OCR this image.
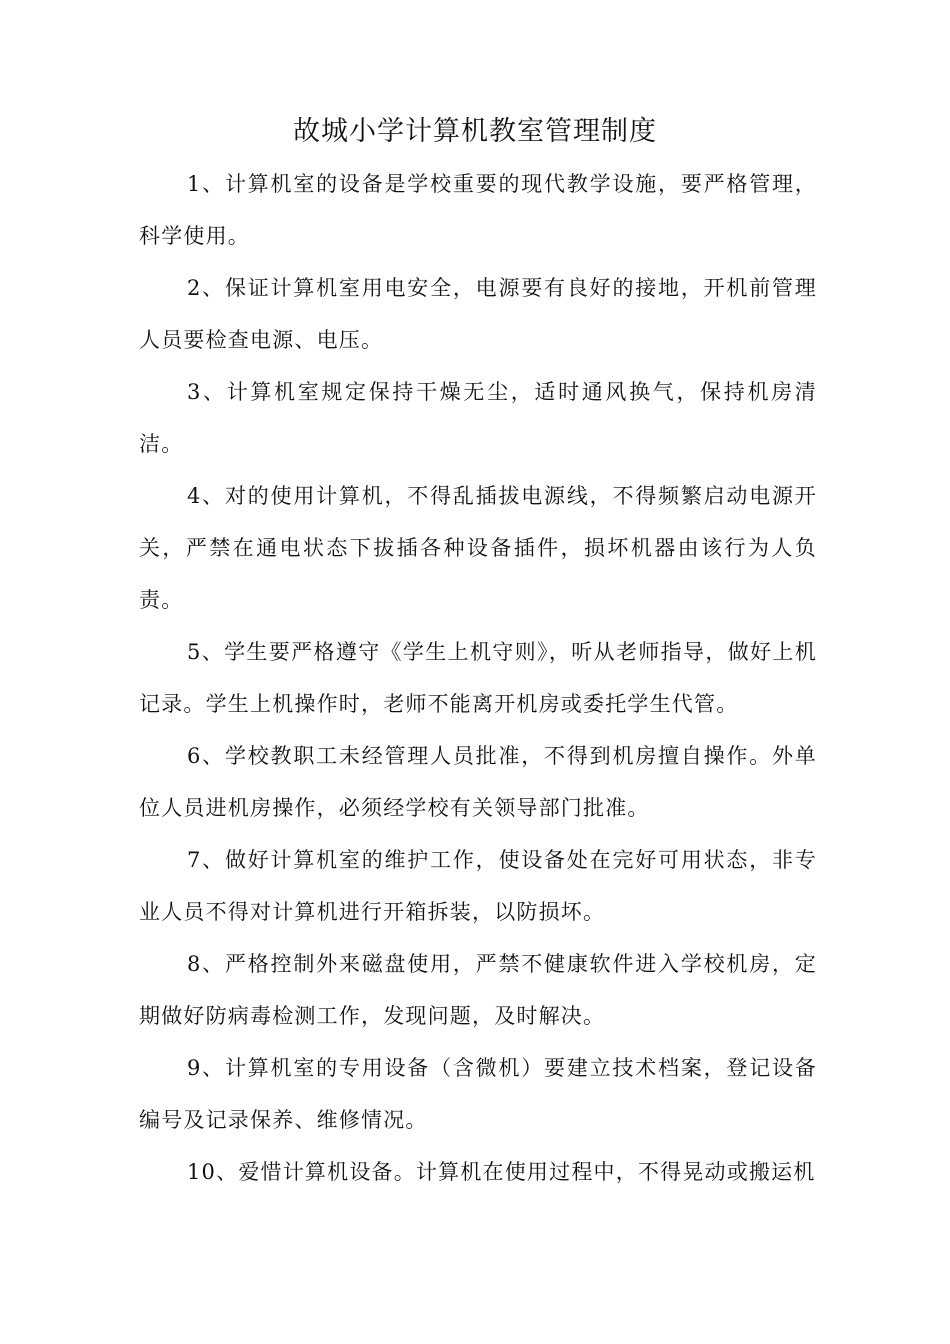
故城小学计算机教室管理制度

1、计算机室的设备是学校重要的现代教学设施，要严格管理，科学使用。

2、保证计算机室用电安全，电源要有良好的接地，开机前管理人员要检查电源、电压。

3、计算机室规定保持干燥无尘，适时通风换气，保持机房清洁。

4、对的使用计算机，不得乱插拔电源线，不得频繁启动电源开关，严禁在通电状态下拔插各种设备插件，损坏机器由该行为人负责。

5、学生要严格遵守《学生上机守则》，听从老师指导，做好上机记录。学生上机操作时，老师不能离开机房或委托学生代管。

6、学校教职工未经管理人员批准，不得到机房擅自操作。外单位人员进机房操作，必须经学校有关领导部门批准。

7、做好计算机室的维护工作，使设备处在完好可用状态，非专业人员不得对计算机进行开箱拆装，以防损坏。

8、严格控制外来磁盘使用，严禁不健康软件进入学校机房，定期做好防病毒检测工作，发现问题，及时解决。

9、计算机室的专用设备（含微机）要建立技术档案，登记设备编号及记录保养、维修情况。

10、爱惜计算机设备。计算机在使用过程中，不得晃动或搬运机
